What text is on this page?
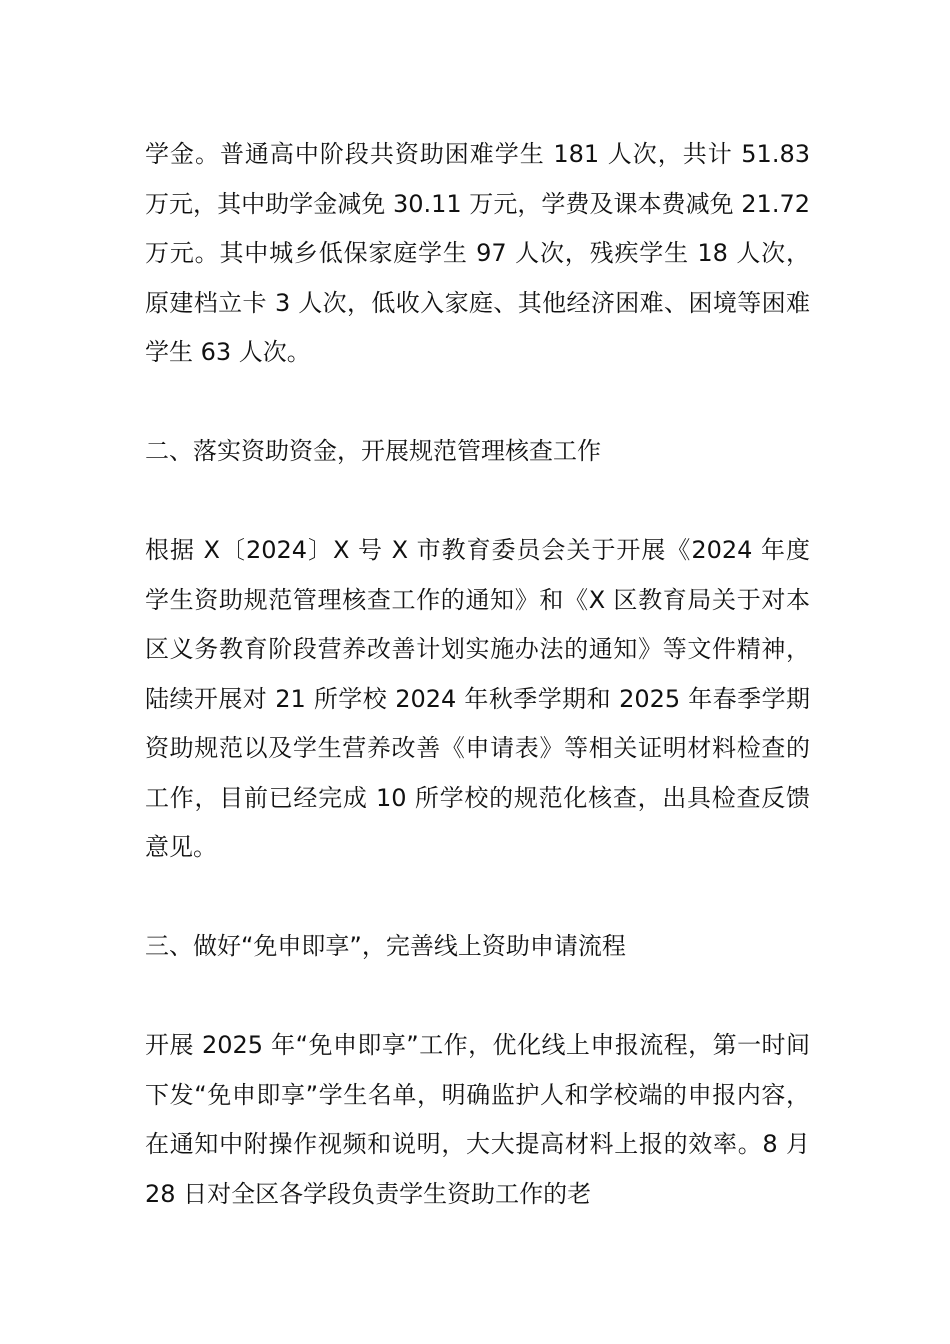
学金。普通高中阶段共资助困难学生 181 人次，共计 51.83 万元，其中助学金减免 30.11 万元，学费及课本费减免 21.72 万元。其中城乡低保家庭学生 97 人次，残疾学生 18 人次，原建档立卡 3 人次，低收入家庭、其他经济困难、困境等困难学生 63 人次。

二、落实资助资金，开展规范管理核查工作

根据 X〔2024〕X 号 X 市教育委员会关于开展《2024 年度学生资助规范管理核查工作的通知》和《X 区教育局关于对本区义务教育阶段营养改善计划实施办法的通知》等文件精神，陆续开展对 21 所学校 2024 年秋季学期和 2025 年春季学期资助规范以及学生营养改善《申请表》等相关证明材料检查的工作，目前已经完成 10 所学校的规范化核查，出具检查反馈意见。

三、做好“免申即享”，完善线上资助申请流程

开展 2025 年“免申即享”工作，优化线上申报流程，第一时间下发“免申即享”学生名单，明确监护人和学校端的申报内容，在通知中附操作视频和说明，大大提高材料上报的效率。8 月 28 日对全区各学段负责学生资助工作的老
